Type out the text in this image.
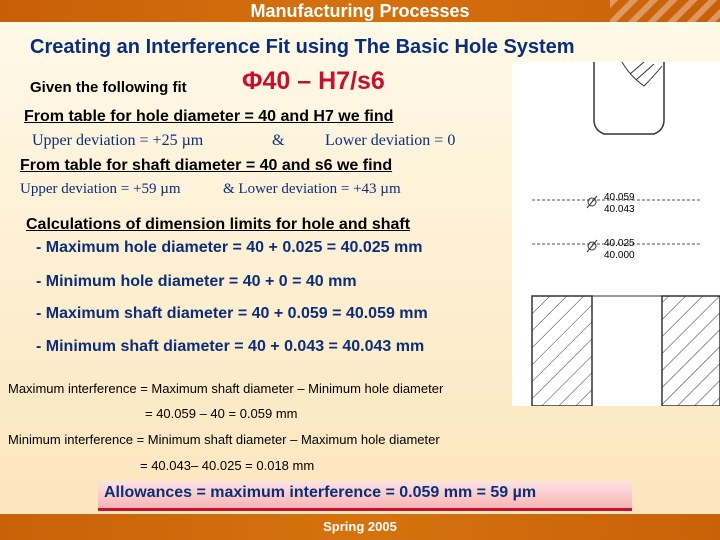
Manufacturing Processes
Creating an Interference Fit using The Basic Hole System
Given the following fit Φ40 – H7/s6
From table for hole diameter = 40 and H7 we find
Upper deviation = +25 µm	&	Lower deviation = 0
From table for shaft diameter = 40 and s6 we find
Upper deviation = +59 µm	& Lower deviation = +43 µm
Calculations of dimension limits for hole and shaft
- Maximum hole diameter = 40 + 0.025 = 40.025 mm
- Minimum hole diameter = 40 + 0 = 40 mm
- Maximum shaft diameter = 40 + 0.059 = 40.059 mm
- Minimum shaft diameter = 40 + 0.043 = 40.043 mm
Maximum interference = Maximum shaft diameter – Minimum hole diameter
= 40.059 – 40 = 0.059 mm
Minimum interference = Minimum shaft diameter – Maximum hole diameter
= 40.043– 40.025 = 0.018 mm
Allowances = maximum interference = 0.059 mm = 59 µm
40.059
40.043
40.025
40.000
Spring 2005
